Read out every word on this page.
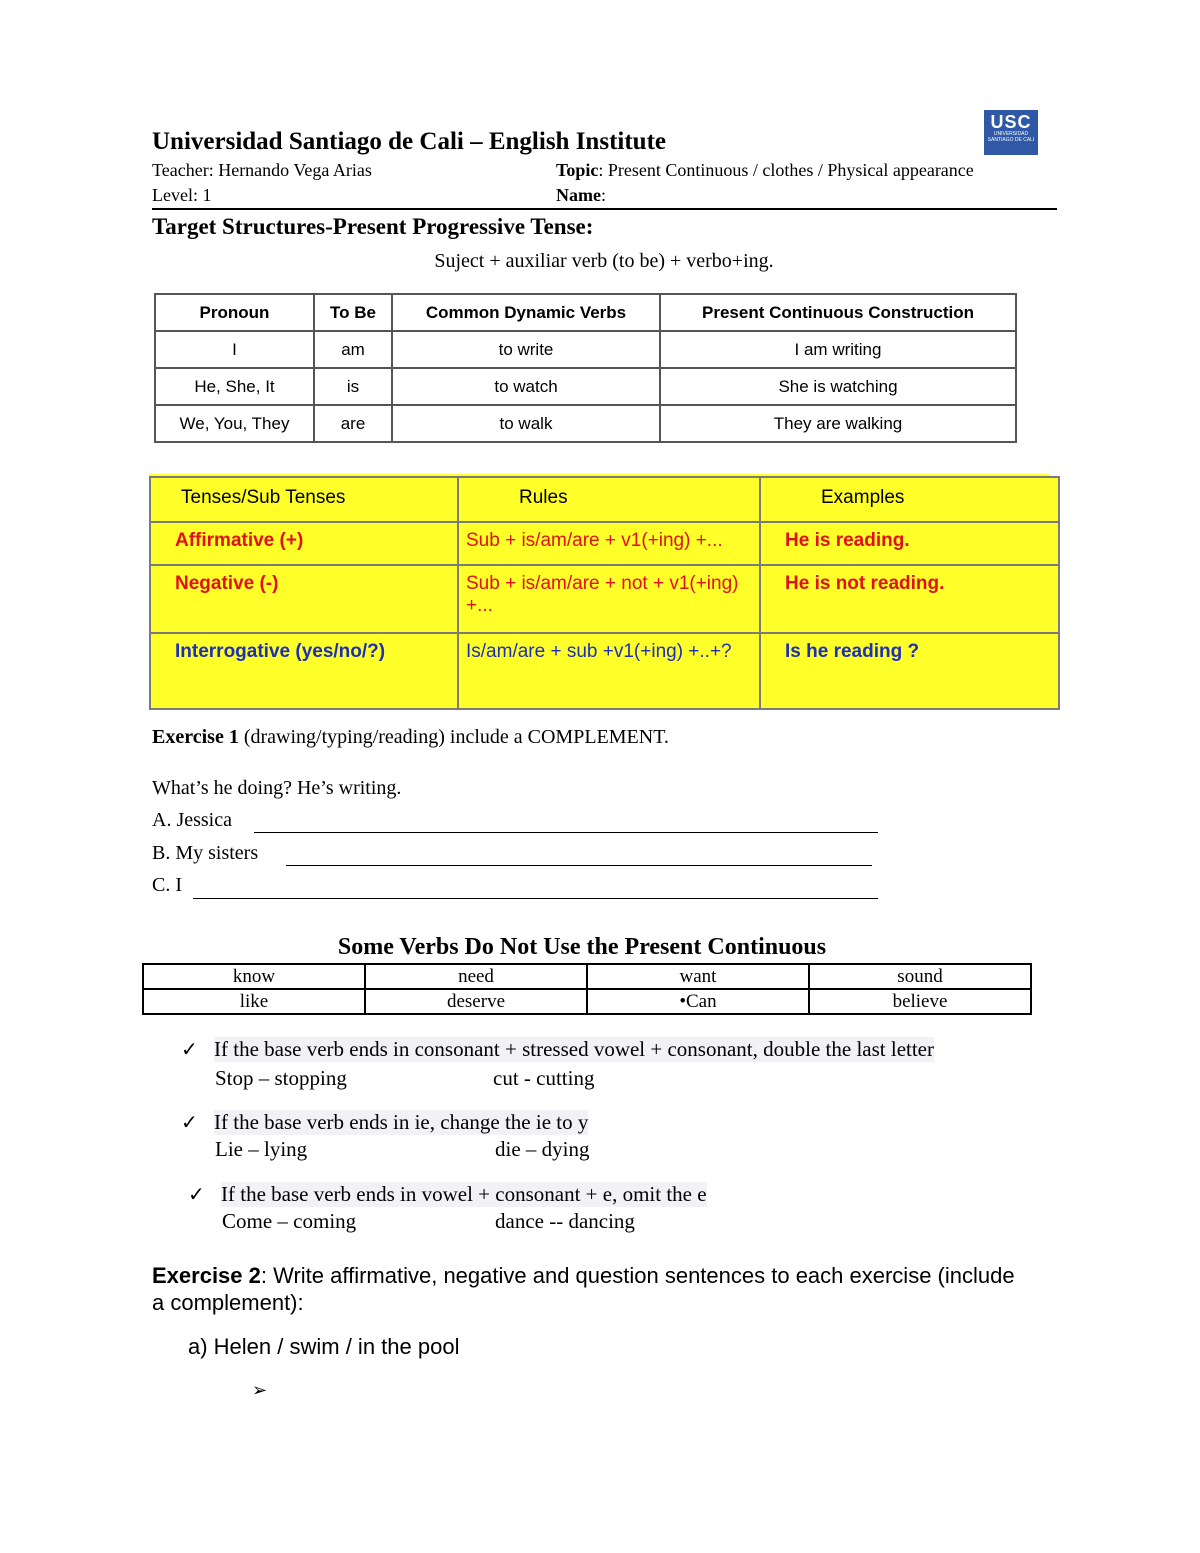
Universidad Santiago de Cali – English Institute
Teacher: Hernando Vega Arias
Level: 1
Topic: Present Continuous / clothes / Physical appearance
Name:
USC
UNIVERSIDAD SANTIAGO DE CALI
Target Structures-Present Progressive Tense:
Suject + auxiliar verb (to be) + verbo+ing.
Pronoun	To Be	Common Dynamic Verbs	Present Continuous Construction
I	am	to write	I am writing
He, She, It	is	to watch	She is watching
We, You, They	are	to walk	They are walking
Tenses/Sub Tenses	Rules	Examples
Affirmative (+)	Sub + is/am/are + v1(+ing) +...	He is reading.
Negative (-)	Sub + is/am/are + not + v1(+ing) +...	He is not reading.
Interrogative (yes/no/?)	Is/am/are + sub +v1(+ing) +..+?	Is he reading ?
Exercise 1 (drawing/typing/reading) include a COMPLEMENT.
What’s he doing? He’s writing.
A. Jessica
B. My sisters
C. I
Some Verbs Do Not Use the Present Continuous
know	need	want	sound
like	deserve	•Can	believe
✓ If the base verb ends in consonant + stressed vowel + consonant, double the last letter
Stop – stopping	cut - cutting
✓ If the base verb ends in ie, change the ie to y
Lie – lying	die – dying
✓ If the base verb ends in vowel + consonant + e, omit the e
Come – coming	dance -- dancing
Exercise 2: Write affirmative, negative and question sentences to each exercise (include a complement):
a) Helen / swim / in the pool
➢
